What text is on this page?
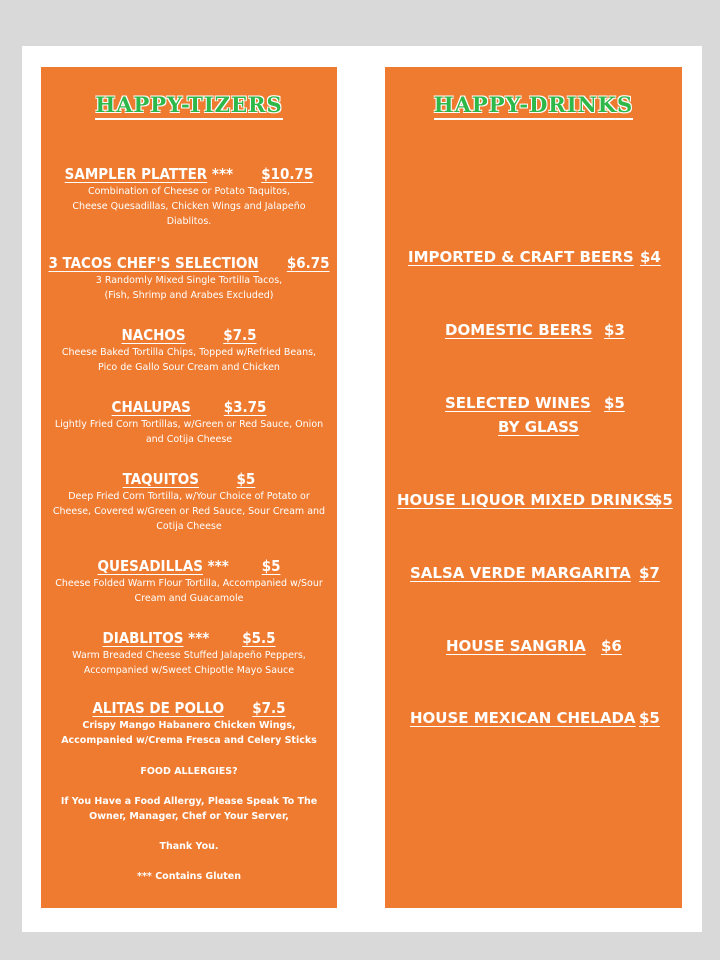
HAPPY-TIZERS
SAMPLER PLATTER *** $10.75
Combination of Cheese or Potato Taquitos,
Cheese Quesadillas, Chicken Wings and Jalapeño
Diablitos.
3 TACOS CHEF'S SELECTION $6.75
3 Randomly Mixed Single Tortilla Tacos,
(Fish, Shrimp and Arabes Excluded)
NACHOS	$7.5
Cheese Baked Tortilla Chips, Topped w/Refried Beans,
Pico de Gallo Sour Cream and Chicken
CHALUPAS $3.75
Lightly Fried Corn Tortillas, w/Green or Red Sauce, Onion
and Cotija Cheese
TAQUITOS	$5
Deep Fried Corn Tortilla, w/Your Choice of Potato or
Cheese, Covered w/Green or Red Sauce, Sour Cream and
Cotija Cheese
QUESADILLAS *** $5
Cheese Folded Warm Flour Tortilla, Accompanied w/Sour
Cream and Guacamole
DIABLITOS *** $5.5
Warm Breaded Cheese Stuffed Jalapeño Peppers,
Accompanied w/Sweet Chipotle Mayo Sauce
ALITAS DE POLLO $7.5
Crispy Mango Habanero Chicken Wings,
Accompanied w/Crema Fresca and Celery Sticks
FOOD ALLERGIES?
If You Have a Food Allergy, Please Speak To The
Owner, Manager, Chef or Your Server,
Thank You.
*** Contains Gluten
HAPPY-DRINKS
IMPORTED & CRAFT BEERS $4
DOMESTIC BEERS $3
SELECTED WINES
BY GLASS
$5
HOUSE LIQUOR MIXED DRINKS
$5
SALSA VERDE MARGARITA $7
HOUSE SANGRIA $6
HOUSE MEXICAN CHELADA $5
